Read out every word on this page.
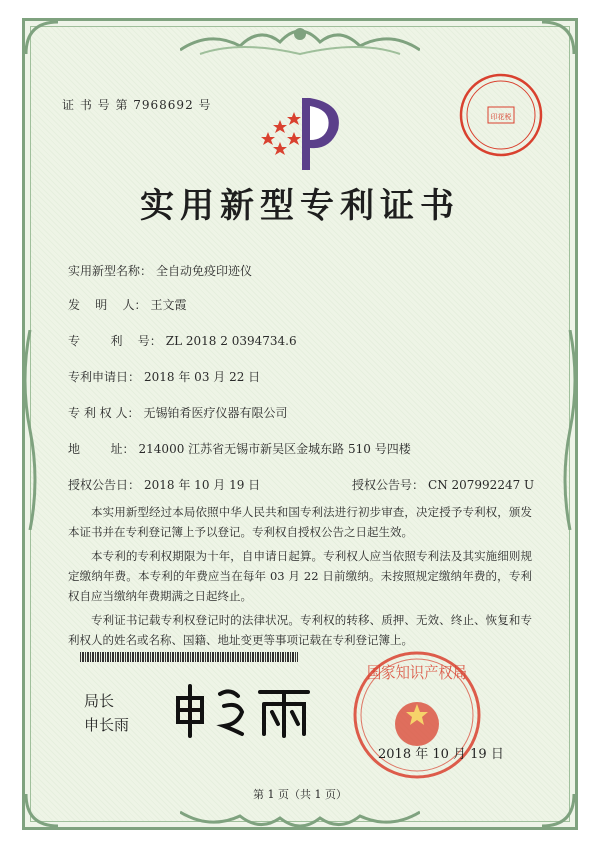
证 书 号 第 7968692 号
印花税
实用新型专利证书
实用新型名称： 全自动免疫印迹仪
发    明    人： 王文霞
专        利    号： ZL 2018 2 0394734.6
专利申请日： 2018 年 03 月 22 日
专 利 权 人： 无锡铂肴医疗仪器有限公司
地        址： 214000 江苏省无锡市新吴区金城东路 510 号四楼
授权公告日： 2018 年 10 月 19 日	授权公告号： CN 207992247 U

本实用新型经过本局依照中华人民共和国专利法进行初步审查，决定授予专利权，颁发本证书并在专利登记簿上予以登记。专利权自授权公告之日起生效。

本专利的专利权期限为十年，自申请日起算。专利权人应当依照专利法及其实施细则规定缴纳年费。本专利的年费应当在每年 03 月 22 日前缴纳。未按照规定缴纳年费的，专利权自应当缴纳年费期满之日起终止。

专利证书记载专利权登记时的法律状况。专利权的转移、质押、无效、终止、恢复和专利权人的姓名或名称、国籍、地址变更等事项记载在专利登记簿上。

局长
申长雨
国家知识产权局
2018 年 10 月 19 日
第 1 页（共 1 页）
